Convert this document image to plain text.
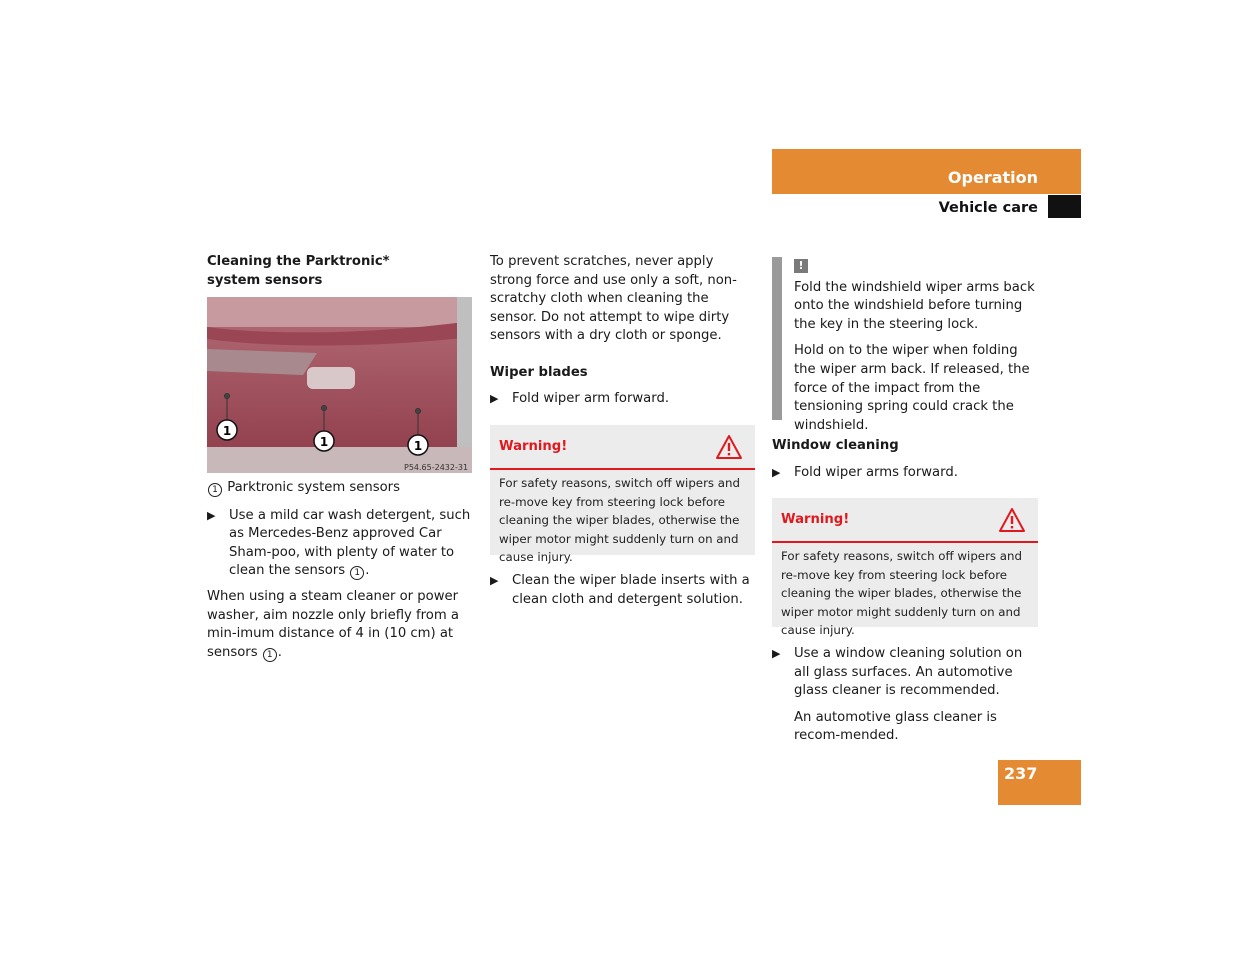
Operation
Vehicle care
Cleaning the Parktronic* system sensors
1
1	1
P54.65-2432-31

1 Parktronic system sensors

▶ Use a mild car wash detergent, such as Mercedes-Benz approved Car Sham-poo, with plenty of water to clean the sensors 1 .

When using a steam cleaner or power washer, aim nozzle only briefly from a min-imum distance of 4 in (10 cm) at sensors 1 .

To prevent scratches, never apply strong force and use only a soft, non-scratchy cloth when cleaning the sensor. Do not attempt to wipe dirty sensors with a dry cloth or sponge.

Wiper blades
▶ Fold wiper arm forward.
Warning!
For safety reasons, switch off wipers and re-move key from steering lock before cleaning the wiper blades, otherwise the wiper motor might suddenly turn on and cause injury.
▶ Clean the wiper blade inserts with a clean cloth and detergent solution.
!

Fold the windshield wiper arms back onto the windshield before turning the key in the steering lock.

Hold on to the wiper when folding the wiper arm back. If released, the force of the impact from the tensioning spring could crack the windshield.

Window cleaning
▶ Fold wiper arms forward.
Warning!
For safety reasons, switch off wipers and re-move key from steering lock before cleaning the wiper blades, otherwise the wiper motor might suddenly turn on and cause injury.
▶ Use a window cleaning solution on all glass surfaces. An automotive glass cleaner is recommended.

An automotive glass cleaner is recom-mended.

237
